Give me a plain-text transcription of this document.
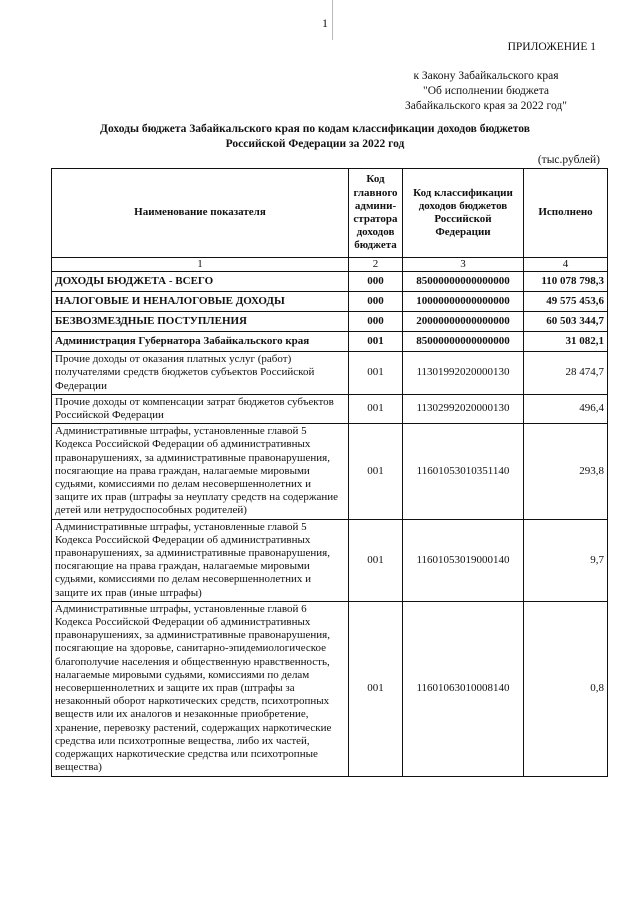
1
ПРИЛОЖЕНИЕ 1
к Закону Забайкальского края
"Об исполнении бюджета
Забайкальского края за 2022 год"
Доходы бюджета Забайкальского края по кодам классификации доходов бюджетов
Российской Федерации за 2022 год
(тыс.рублей)
Наименование показателя	Код главного админи-стратора доходов бюджета	Код классификации доходов бюджетов Российской Федерации	Исполнено
1	2	3	4
ДОХОДЫ БЮДЖЕТА - ВСЕГО	000	85000000000000000	110 078 798,3
НАЛОГОВЫЕ И НЕНАЛОГОВЫЕ ДОХОДЫ	000	10000000000000000	49 575 453,6
БЕЗВОЗМЕЗДНЫЕ ПОСТУПЛЕНИЯ	000	20000000000000000	60 503 344,7
Администрация Губернатора Забайкальского края	001	85000000000000000	31 082,1
Прочие доходы от оказания платных услуг (работ) получателями средств бюджетов субъектов Российской Федерации	001	11301992020000130	28 474,7
Прочие доходы от компенсации затрат бюджетов субъектов Российской Федерации	001	11302992020000130	496,4
Административные штрафы, установленные главой 5 Кодекса Российской Федерации об административных правонарушениях, за административные правонарушения, посягающие на права граждан, налагаемые мировыми судьями, комиссиями по делам несовершеннолетних и защите их прав (штрафы за неуплату средств на содержание детей или нетрудоспособных родителей)	001	11601053010351140	293,8
Административные штрафы, установленные главой 5 Кодекса Российской Федерации об административных правонарушениях, за административные правонарушения, посягающие на права граждан, налагаемые мировыми судьями, комиссиями по делам несовершеннолетних и защите их прав (иные штрафы)	001	11601053019000140	9,7
Административные штрафы, установленные главой 6 Кодекса Российской Федерации об административных правонарушениях, за административные правонарушения, посягающие на здоровье, санитарно-эпидемиологическое благополучие населения и общественную нравственность, налагаемые мировыми судьями, комиссиями по делам несовершеннолетних и защите их прав (штрафы за незаконный оборот наркотических средств, психотропных веществ или их аналогов и незаконные приобретение, хранение, перевозку растений, содержащих наркотические средства или психотропные вещества, либо их частей, содержащих наркотические средства или психотропные вещества)	001	11601063010008140	0,8
